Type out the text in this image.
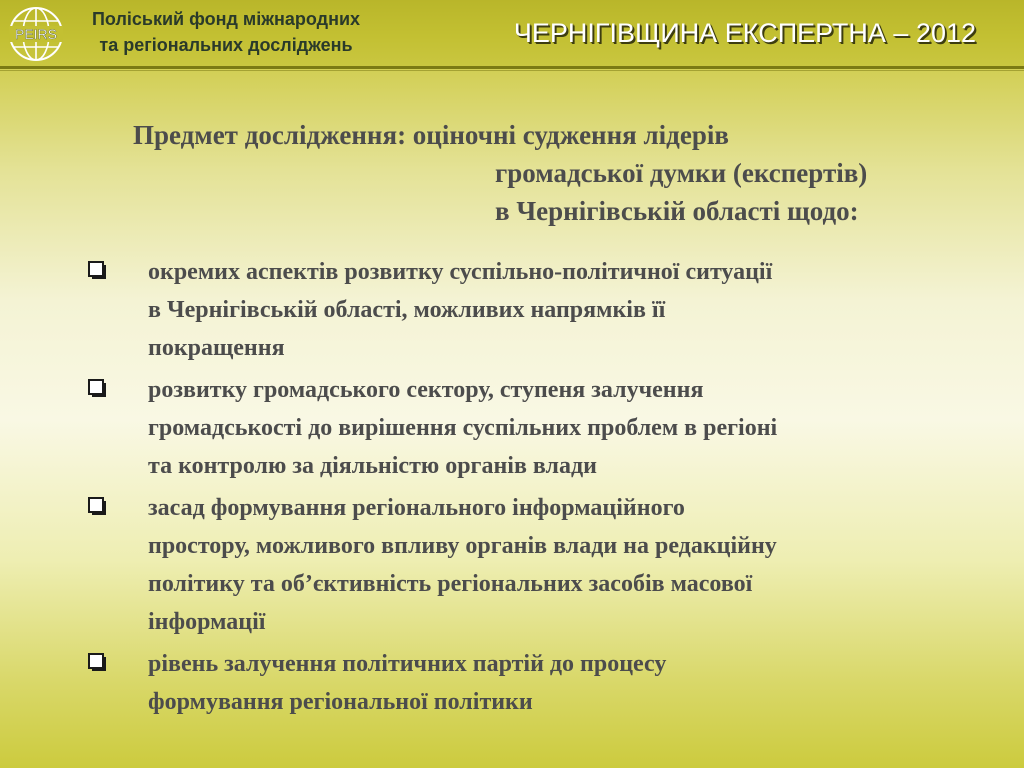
PEIRS
Поліський фонд міжнародних
та регіональних досліджень	ЧЕРНІГІВЩИНА ЕКСПЕРТНА – 2012
Предмет дослідження: оціночні судження лідерів
громадської думки (експертів)
в Чернігівській області щодо:
окремих аспектів розвитку суспільно-політичної ситуації
в Чернігівській області, можливих напрямків її
покращення
розвитку громадського сектору, ступеня залучення
громадськості до вирішення суспільних проблем в регіоні
та контролю за діяльністю органів влади
засад формування регіонального інформаційного
простору, можливого впливу органів влади на редакційну
політику та об’єктивність регіональних засобів масової
інформації
рівень залучення політичних партій до процесу
формування регіональної політики
